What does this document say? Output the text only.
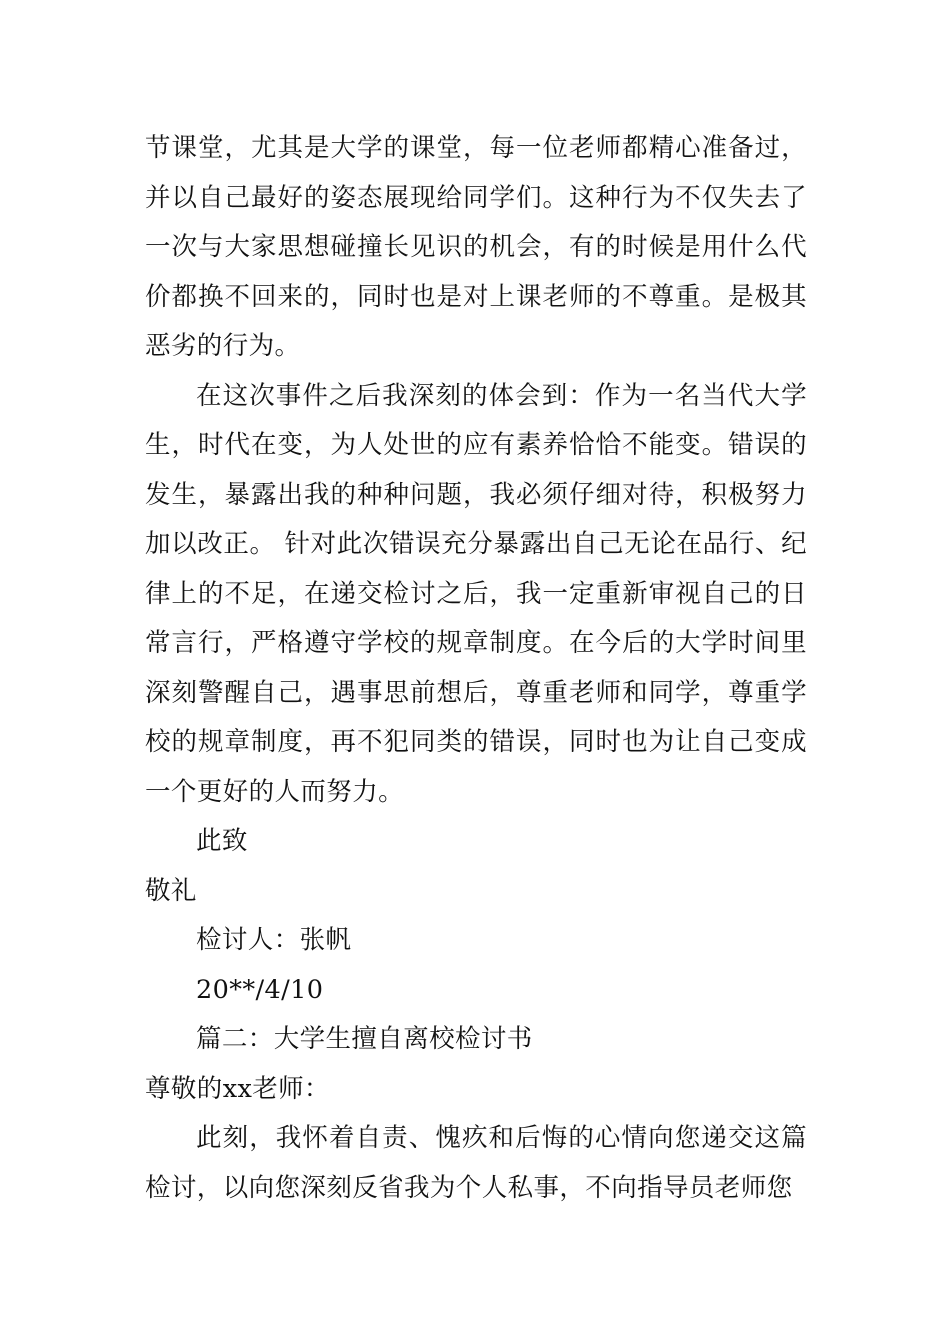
节课堂，尤其是大学的课堂，每一位老师都精心准备过，并以自己最好的姿态展现给同学们。这种行为不仅失去了一次与大家思想碰撞长见识的机会，有的时候是用什么代价都换不回来的，同时也是对上课老师的不尊重。是极其恶劣的行为。

在这次事件之后我深刻的体会到：作为一名当代大学生，时代在变，为人处世的应有素养恰恰不能变。错误的发生，暴露出我的种种问题，我必须仔细对待，积极努力加以改正。 针对此次错误充分暴露出自己无论在品行、纪律上的不足，在递交检讨之后，我一定重新审视自己的日常言行，严格遵守学校的规章制度。在今后的大学时间里深刻警醒自己，遇事思前想后，尊重老师和同学，尊重学校的规章制度，再不犯同类的错误，同时也为让自己变成一个更好的人而努力。

此致

敬礼

检讨人：张帆

20**/4/10

篇二：大学生擅自离校检讨书

尊敬的xx老师：

此刻，我怀着自责、愧疚和后悔的心情向您递交这篇检讨，以向您深刻反省我为个人私事，不向指导员老师您
